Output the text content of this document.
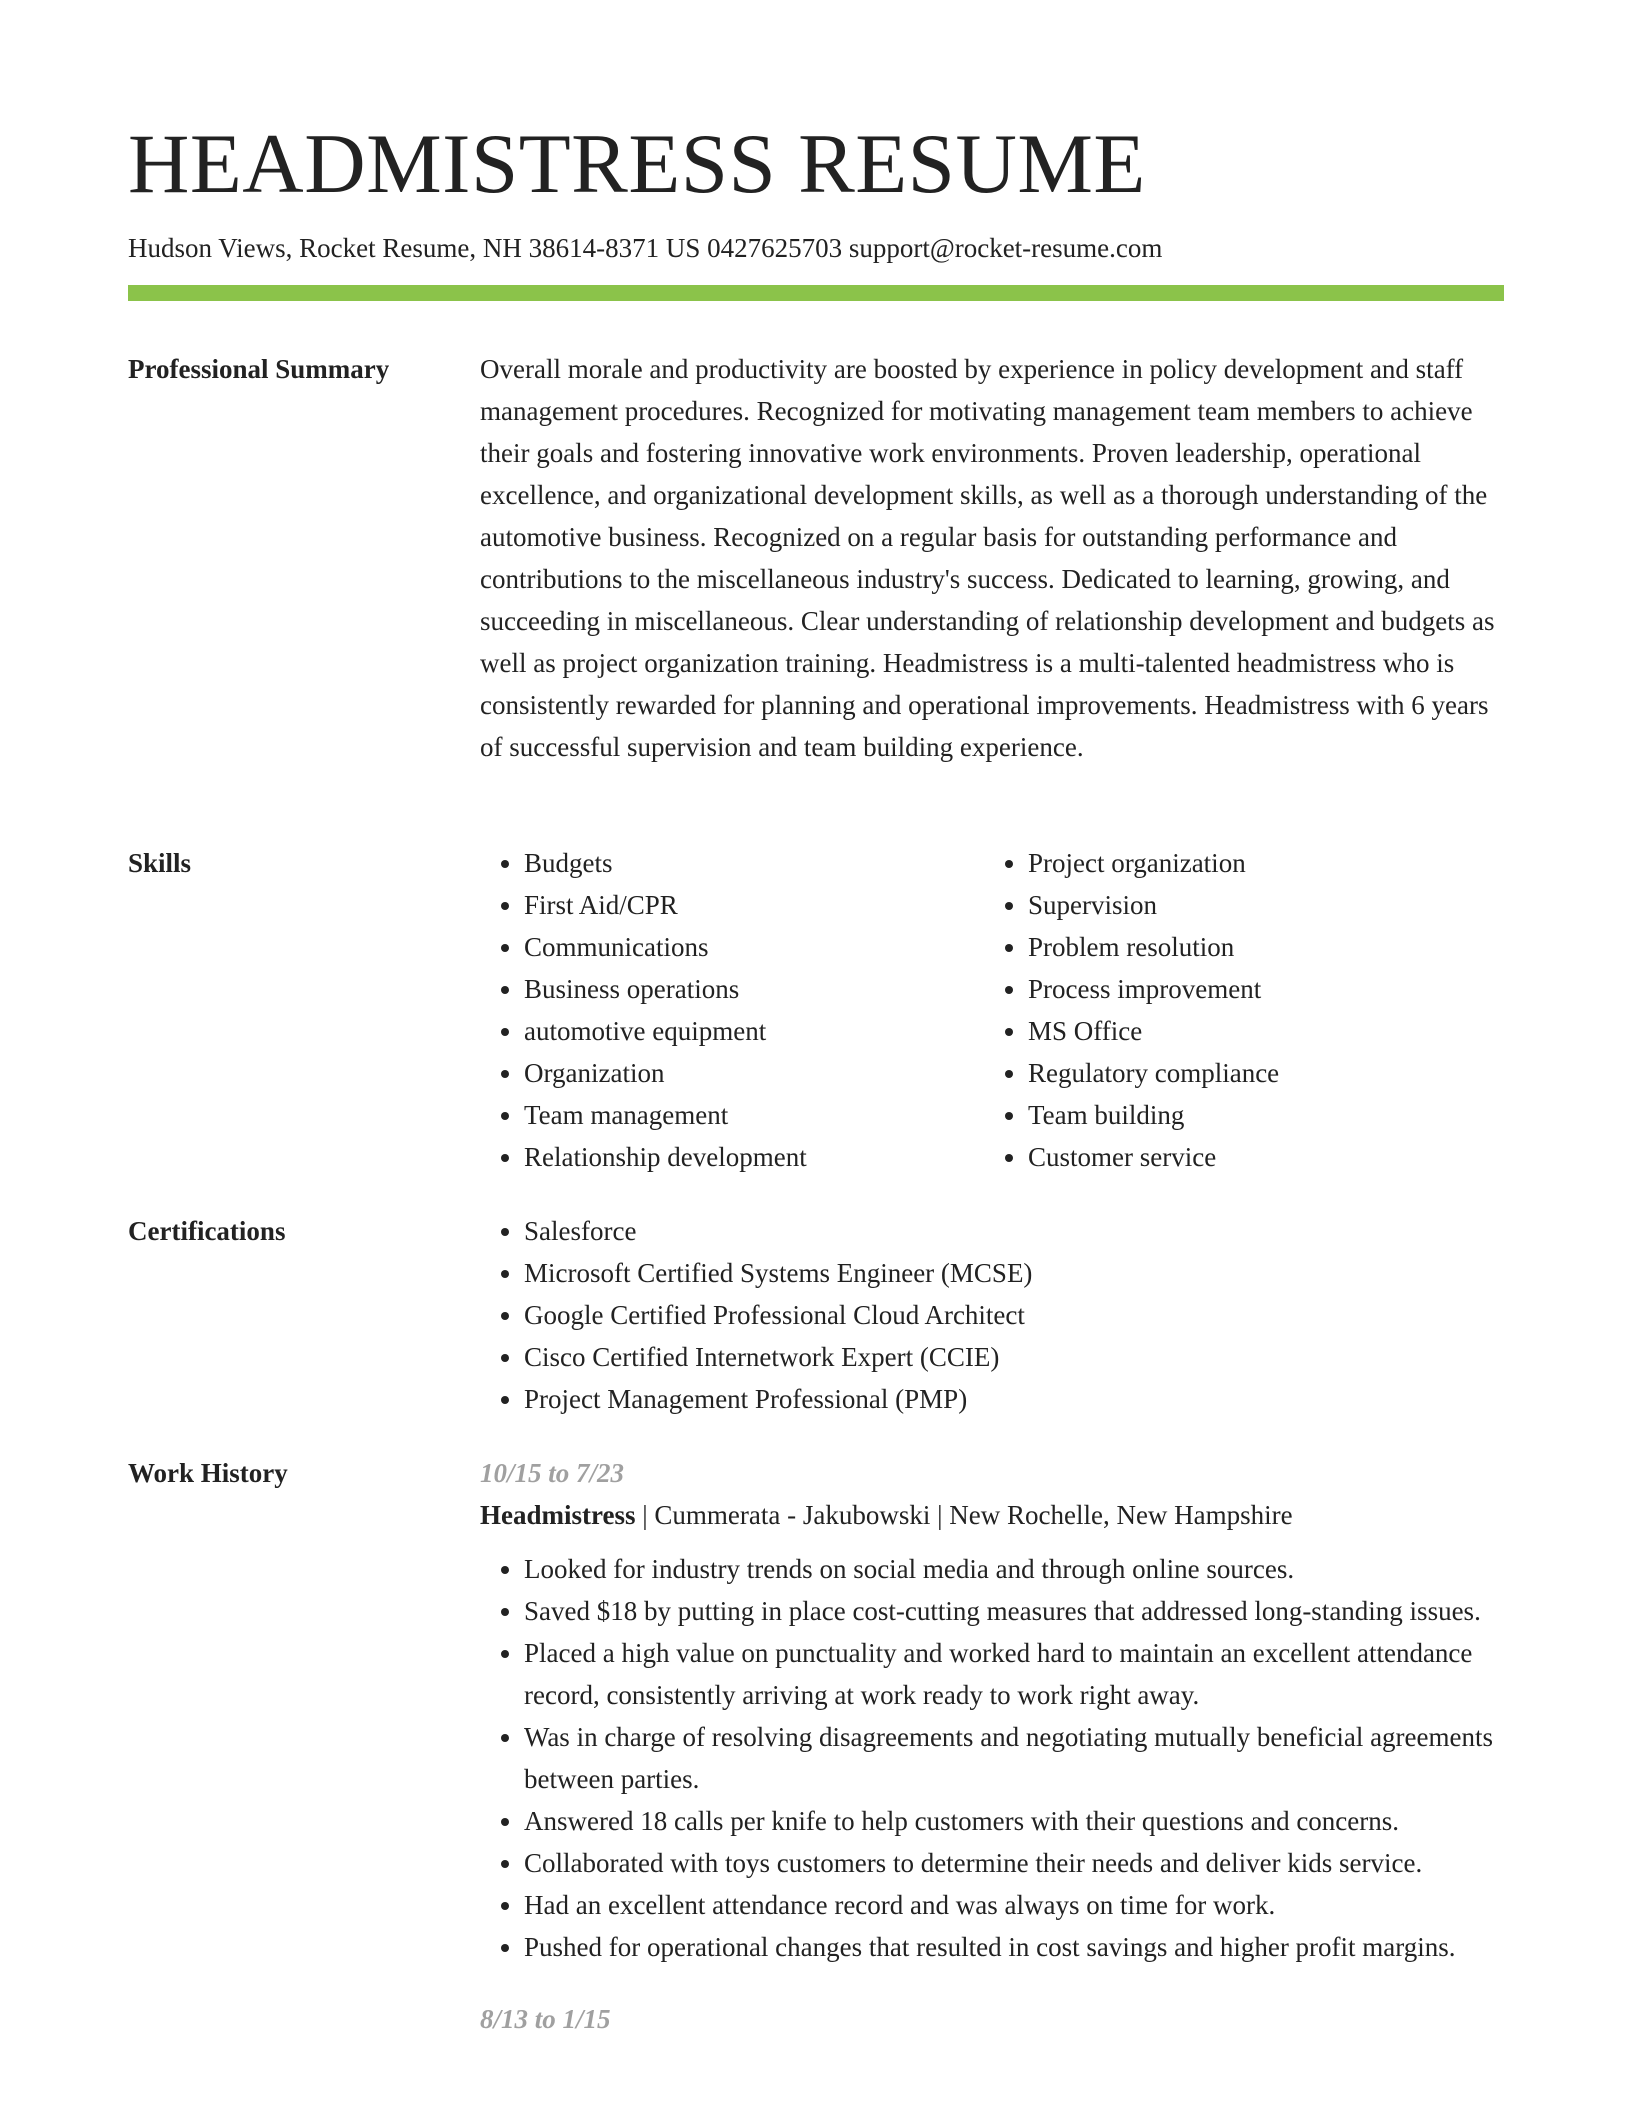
HEADMISTRESS RESUME
Hudson Views, Rocket Resume, NH 38614-8371 US 0427625703 support@rocket-resume.com
Professional Summary	Overall morale and productivity are boosted by experience in policy development and staff management procedures. Recognized for motivating management team members to achieve their goals and fostering innovative work environments. Proven leadership, operational excellence, and organizational development skills, as well as a thorough understanding of the automotive business. Recognized on a regular basis for outstanding performance and contributions to the miscellaneous industry's success. Dedicated to learning, growing, and succeeding in miscellaneous. Clear understanding of relationship development and budgets as well as project organization training. Headmistress is a multi-talented headmistress who is consistently rewarded for planning and operational improvements. Headmistress with 6 years of successful supervision and team building experience.

Skills	• Budgets
• First Aid/CPR
• Communications
• Business operations
• automotive equipment
• Organization
• Team management
• Relationship development
• Project organization
• Supervision
• Problem resolution
• Process improvement
• MS Office
• Regulatory compliance
• Team building
• Customer service
Certifications	• Salesforce
• Microsoft Certified Systems Engineer (MCSE)
• Google Certified Professional Cloud Architect
• Cisco Certified Internetwork Expert (CCIE)
• Project Management Professional (PMP)
Work History	10/15 to 7/23
Headmistress | Cummerata - Jakubowski | New Rochelle, New Hampshire
• Looked for industry trends on social media and through online sources.
• Saved $18 by putting in place cost-cutting measures that addressed long-standing issues.
• Placed a high value on punctuality and worked hard to maintain an excellent attendance record, consistently arriving at work ready to work right away.
• Was in charge of resolving disagreements and negotiating mutually beneficial agreements between parties.
• Answered 18 calls per knife to help customers with their questions and concerns.
• Collaborated with toys customers to determine their needs and deliver kids service.
• Had an excellent attendance record and was always on time for work.
• Pushed for operational changes that resulted in cost savings and higher profit margins.
8/13 to 1/15
